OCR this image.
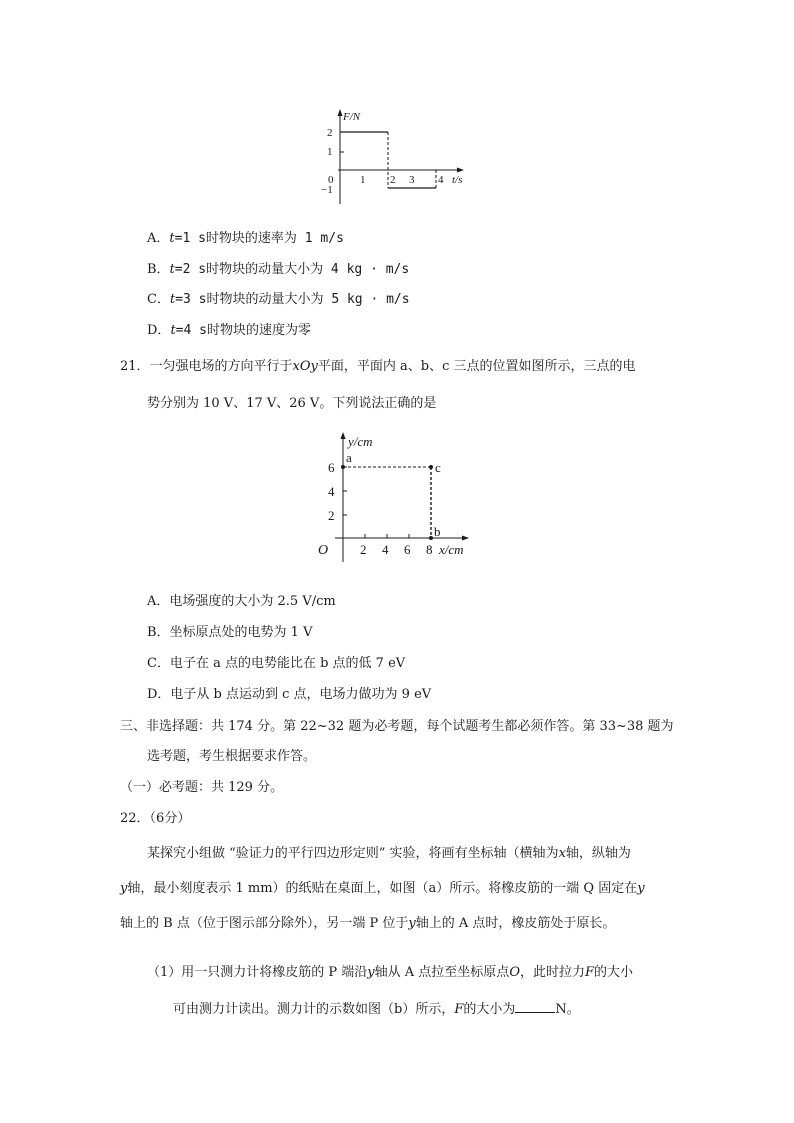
F/N
t/s
0
2
1
−1
1 2 3 4
A．t=1 s时物块的速率为 1 m/s
B．t=2 s时物块的动量大小为 4 kg · m/s
C．t=3 s时物块的动量大小为 5 kg · m/s
D．t=4 s时物块的速度为零
21．一匀强电场的方向平行于xOy平面，平面内 a、b、c 三点的位置如图所示，三点的电
势分别为 10 V、17 V、26 V。下列说法正确的是
y/cm
x/cm
O
6
4
2
2 4 6 8
a
b
c
A．电场强度的大小为 2.5 V/cm
B．坐标原点处的电势为 1 V
C．电子在 a 点的电势能比在 b 点的低 7 eV
D．电子从 b 点运动到 c 点，电场力做功为 9 eV
三、非选择题：共 174 分。第 22~32 题为必考题，每个试题考生都必须作答。第 33~38 题为
选考题，考生根据要求作答。
（一）必考题：共 129 分。
22．（6分）
某探究小组做 “验证力的平行四边形定则” 实验，将画有坐标轴（横轴为x轴，纵轴为
y轴，最小刻度表示 1 mm）的纸贴在桌面上，如图（a）所示。将橡皮筋的一端 Q 固定在y
轴上的 B 点（位于图示部分除外），另一端 P 位于y轴上的 A 点时，橡皮筋处于原长。
（1）用一只测力计将橡皮筋的 P 端沿y轴从 A 点拉至坐标原点O，此时拉力F的大小
可由测力计读出。测力计的示数如图（b）所示，F的大小为	N。
